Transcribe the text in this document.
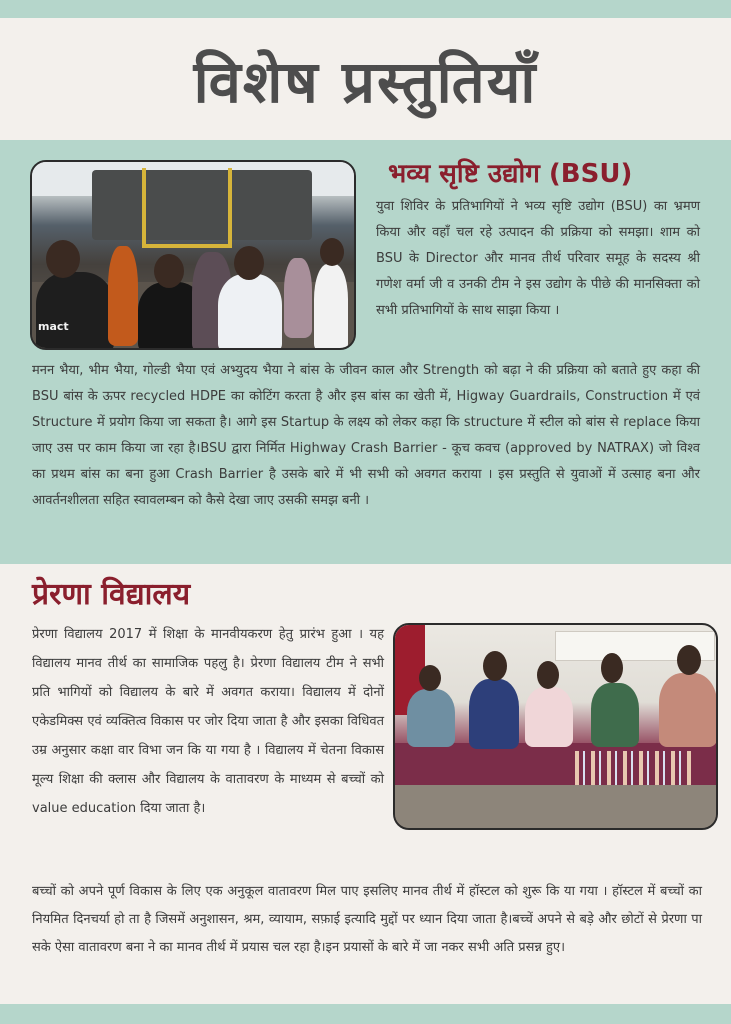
विशेष प्रस्तुतियाँ
mact
भव्य सृष्टि उद्योग (BSU)

युवा शिविर के प्रतिभागियों ने भव्य सृष्टि उद्योग (BSU) का भ्रमण किया और वहाँ चल रहे उत्पादन की प्रक्रिया को समझा। शाम को BSU के Director और मानव तीर्थ परिवार समूह के सदस्य श्री गणेश वर्मा जी व उनकी टीम ने इस उद्योग के पीछे की मानसिक्ता को सभी प्रतिभागियों के साथ साझा किया ।

मनन भैया, भीम भैया, गोल्डी भैया एवं अभ्युदय भैया ने बांस के जीवन काल और Strength को बढ़ा ने की प्रक्रिया को बताते हुए कहा की BSU बांस के ऊपर recycled HDPE का कोटिंग करता है और इस बांस का खेती में, Higway Guardrails, Construction में एवं Structure में प्रयोग किया जा सकता है। आगे इस Startup के लक्ष्य को लेकर कहा कि structure में स्टील को बांस से replace किया जाए उस पर काम किया जा रहा है।BSU द्वारा निर्मित Highway Crash Barrier - कूच कवच (approved by NATRAX) जो विश्व का प्रथम बांस का बना हुआ Crash Barrier है उसके बारे में भी सभी को अवगत कराया । इस प्रस्तुति से युवाओं में उत्साह बना और आवर्तनशीलता सहित स्वावलम्बन को कैसे देखा जाए उसकी समझ बनी ।

प्रेरणा विद्यालय

प्रेरणा विद्यालय 2017 में शिक्षा के मानवीयकरण हेतु प्रारंभ हुआ । यह विद्यालय मानव तीर्थ का सामाजिक पहलु है। प्रेरणा विद्यालय टीम ने सभी प्रति भागियों को विद्यालय के बारे में अवगत कराया। विद्यालय में दोनों एकेडमिक्स एवं व्यक्तित्व विकास पर जोर दिया जाता है और इसका विधिवत उम्र अनुसार कक्षा वार विभा जन कि या गया है । विद्यालय में चेतना विकास मूल्य शिक्षा की क्लास और विद्यालय के वातावरण के माध्यम से बच्चों को value education दिया जाता है।

बच्चों को अपने पूर्ण विकास के लिए एक अनुकूल वातावरण मिल पाए इसलिए मानव तीर्थ में हॉस्टल को शुरू कि या गया । हॉस्टल में बच्चों का नियमित दिनचर्या हो ता है जिसमें अनुशासन, श्रम, व्यायाम, सफ़ाई इत्यादि मुद्दों पर ध्यान दिया जाता है।बच्चें अपने से बड़े और छोटों से प्रेरणा पा सके ऐसा वातावरण बना ने का मानव तीर्थ में प्रयास चल रहा है।इन प्रयासों के बारे में जा नकर सभी अति प्रसन्न हुए।
